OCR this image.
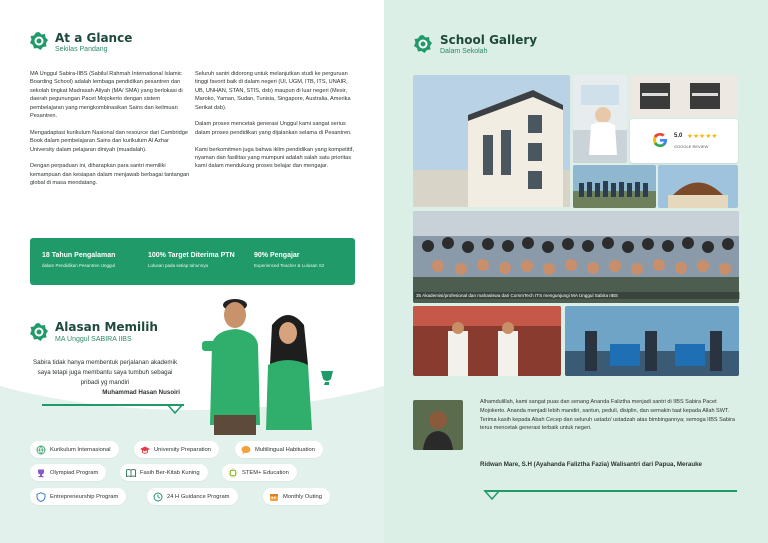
At a Glance
Sekilas Pandang
MA Unggul Sabira-IIBS (Sabilul Rahmah International Islamic Boarding School) adalah lembaga pendidikan pesantren dan sekolah tingkat Madrasah Aliyah (MA/ SMA) yang berlokasi di daerah pegunungan Pacet Mojokerto dengan sistem pembelajaran yang mengkombinasikan Sains dan keilmuan Pesantren.

Mengadaptasi kurikulum Nasional dan resource dari Cambridge Book dalam pembelajaran Sains dan kurikulum Al Azhar University dalam pelajaran diniyah (muadalah).

Dengan perpaduan ini, diharapkan para santri memiliki kemampuan dan kesiapan dalam menjawab berbagai tantangan global di masa mendatang.
Seluruh santri didorong untuk melanjutkan studi ke perguruan tinggi favorit baik di dalam negeri (UI, UGM, ITB, ITS, UNAIR, UB, UNHAN, STAN, STIS, dsb) maupun di luar negeri (Mesir, Maroko, Yaman, Sudan, Tunisia, Singapore, Australia, Amerika Serikat dsb).

Dalam proses mencetak generasi Unggul kami sangat serius dalam proses pendidikan yang dijalankan selama di Pesantren.

Kami berkomitmen juga bahwa iklim pendidikan yang kompetitif, nyaman dan fasilitas yang mumpuni adalah salah satu prioritas kami dalam mendukung proses belajar dan mengajar.
18 Tahun Pengalaman
dalam Pendidikan Pesantren Unggul
100% Target Diterima PTN
Lulusan pada setiap tahunnya
90% Pengajar
Experienced Teacher & Lulusan S2
Alasan Memilih
MA Unggul SABIRA IIBS
Sabira tidak hanya membentuk perjalanan akademik saya tetapi juga membantu saya tumbuh sebagai pribadi yg mandiri
Muhammad Hasan Nusoiri
Kurikulum Internasional	University Preparation	Multilingual Habituation
Olympiad Program	Fasih Ber-Kitab Kuning	STEM+ Education
Entrepreneurship Program	24 H Guidance Program	Monthly Outing
School Gallery
Dalam Sekolah
5.0 ★★★★★
GOOGLE REVIEW
35 Akademisi/profesional dan mahasiswa dari CommTech ITS mengunjungi MA Unggul Sabira IIBS
Alhamdulillah, kami sangat puas dan senang Ananda Faliztha menjadi santri di IIBS Sabira Pacet Mojokerto. Ananda menjadi lebih mandiri, santun, peduli, disiplin, dan semakin taat kepada Allah SWT. Terima kasih kepada Abah Cecep dan seluruh ustadz/ ustadzah atas bimbingannya; semoga IIBS Sabira terus mencetak generasi terbaik untuk negeri.
Ridwan Mare, S.H (Ayahanda Faliztha Fazia) Walisantri dari Papua, Merauke
